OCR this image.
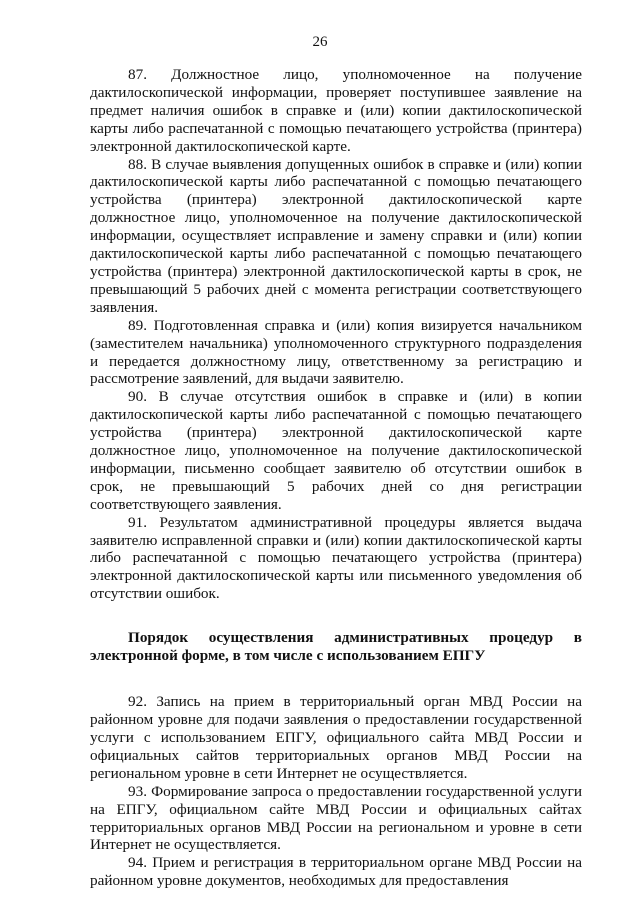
26

87. Должностное лицо, уполномоченное на получение дактилоскопической информации, проверяет поступившее заявление на предмет наличия ошибок в справке и (или) копии дактилоскопической карты либо распечатанной с помощью печатающего устройства (принтера) электронной дактилоскопической карте.

88. В случае выявления допущенных ошибок в справке и (или) копии дактилоскопической карты либо распечатанной с помощью печатающего устройства (принтера) электронной дактилоскопической карте должностное лицо, уполномоченное на получение дактилоскопической информации, осуществляет исправление и замену справки и (или) копии дактилоскопической карты либо распечатанной с помощью печатающего устройства (принтера) электронной дактилоскопической карты в срок, не превышающий 5 рабочих дней с момента регистрации соответствующего заявления.

89. Подготовленная справка и (или) копия визируется начальником (заместителем начальника) уполномоченного структурного подразделения и передается должностному лицу, ответственному за регистрацию и рассмотрение заявлений, для выдачи заявителю.

90. В случае отсутствия ошибок в справке и (или) в копии дактилоскопической карты либо распечатанной с помощью печатающего устройства (принтера) электронной дактилоскопической карте должностное лицо, уполномоченное на получение дактилоскопической информации, письменно сообщает заявителю об отсутствии ошибок в срок, не превышающий 5 рабочих дней со дня регистрации соответствующего заявления.

91. Результатом административной процедуры является выдача заявителю исправленной справки и (или) копии дактилоскопической карты либо распечатанной с помощью печатающего устройства (принтера) электронной дактилоскопической карты или письменного уведомления об отсутствии ошибок.

Порядок осуществления административных процедур в электронной форме, в том числе с использованием ЕПГУ

92. Запись на прием в территориальный орган МВД России на районном уровне для подачи заявления о предоставлении государственной услуги с использованием ЕПГУ, официального сайта МВД России и официальных сайтов территориальных органов МВД России на региональном уровне в сети Интернет не осуществляется.

93. Формирование запроса о предоставлении государственной услуги на ЕПГУ, официальном сайте МВД России и официальных сайтах территориальных органов МВД России на региональном и уровне в сети Интернет не осуществляется.

94. Прием и регистрация в территориальном органе МВД России на районном уровне документов, необходимых для предоставления
